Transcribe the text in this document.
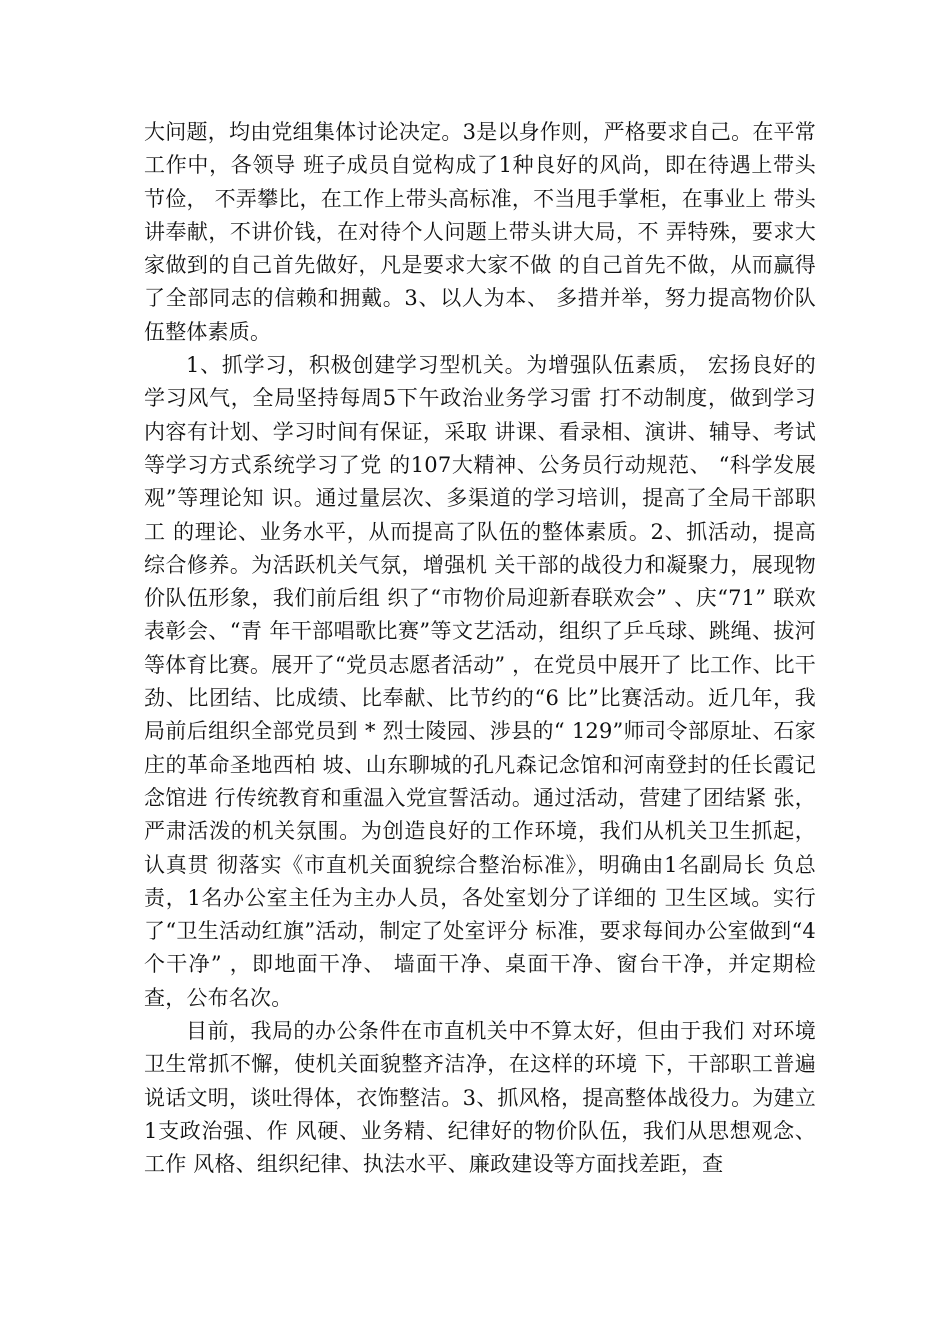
大问题，均由党组集体讨论决定。3是以身作则，严格要求自己。在平常工作中，各领导 班子成员自觉构成了1种良好的风尚，即在待遇上带头节俭， 不弄攀比，在工作上带头高标准，不当甩手掌柜，在事业上 带头讲奉献，不讲价钱，在对待个人问题上带头讲大局，不 弄特殊，要求大家做到的自己首先做好，凡是要求大家不做 的自己首先不做，从而赢得了全部同志的信赖和拥戴。3、以人为本、 多措并举，努力提高物价队伍整体素质。

1、抓学习，积极创建学习型机关。为增强队伍素质， 宏扬良好的学习风气，全局坚持每周5下午政治业务学习雷 打不动制度，做到学习内容有计划、学习时间有保证，采取 讲课、看录相、演讲、辅导、考试等学习方式系统学习了党 的107大精神、公务员行动规范、 “科学发展观”等理论知 识。通过量层次、多渠道的学习培训，提高了全局干部职工 的理论、业务水平，从而提高了队伍的整体素质。2、抓活动，提高综合修养。为活跃机关气氛，增强机 关干部的战役力和凝聚力，展现物价队伍形象，我们前后组 织了“市物价局迎新春联欢会” 、庆“71” 联欢表彰会、“青 年干部唱歌比赛”等文艺活动，组织了乒乓球、跳绳、拔河 等体育比赛。展开了“党员志愿者活动” ，在党员中展开了 比工作、比干劲、比团结、比成绩、比奉献、比节约的“6 比”比赛活动。近几年，我局前后组织全部党员到 * 烈士陵园、涉县的“ 129”师司令部原址、石家庄的革命圣地西柏 坡、山东聊城的孔凡森记念馆和河南登封的任长霞记念馆进 行传统教育和重温入党宣誓活动。通过活动，营建了团结紧 张，严肃活泼的机关氛围。为创造良好的工作环境，我们从机关卫生抓起，认真贯 彻落实《市直机关面貌综合整治标准》，明确由1名副局长 负总责，1名办公室主任为主办人员，各处室划分了详细的 卫生区域。实行了“卫生活动红旗”活动，制定了处室评分 标准，要求每间办公室做到“4个干净” ，即地面干净、 墙面干净、桌面干净、窗台干净，并定期检查，公布名次。

目前，我局的办公条件在市直机关中不算太好，但由于我们 对环境卫生常抓不懈，使机关面貌整齐洁净，在这样的环境 下，干部职工普遍说话文明，谈吐得体，衣饰整洁。3、抓风格，提高整体战役力。为建立1支政治强、作 风硬、业务精、纪律好的物价队伍，我们从思想观念、工作 风格、组织纪律、执法水平、廉政建设等方面找差距，查
